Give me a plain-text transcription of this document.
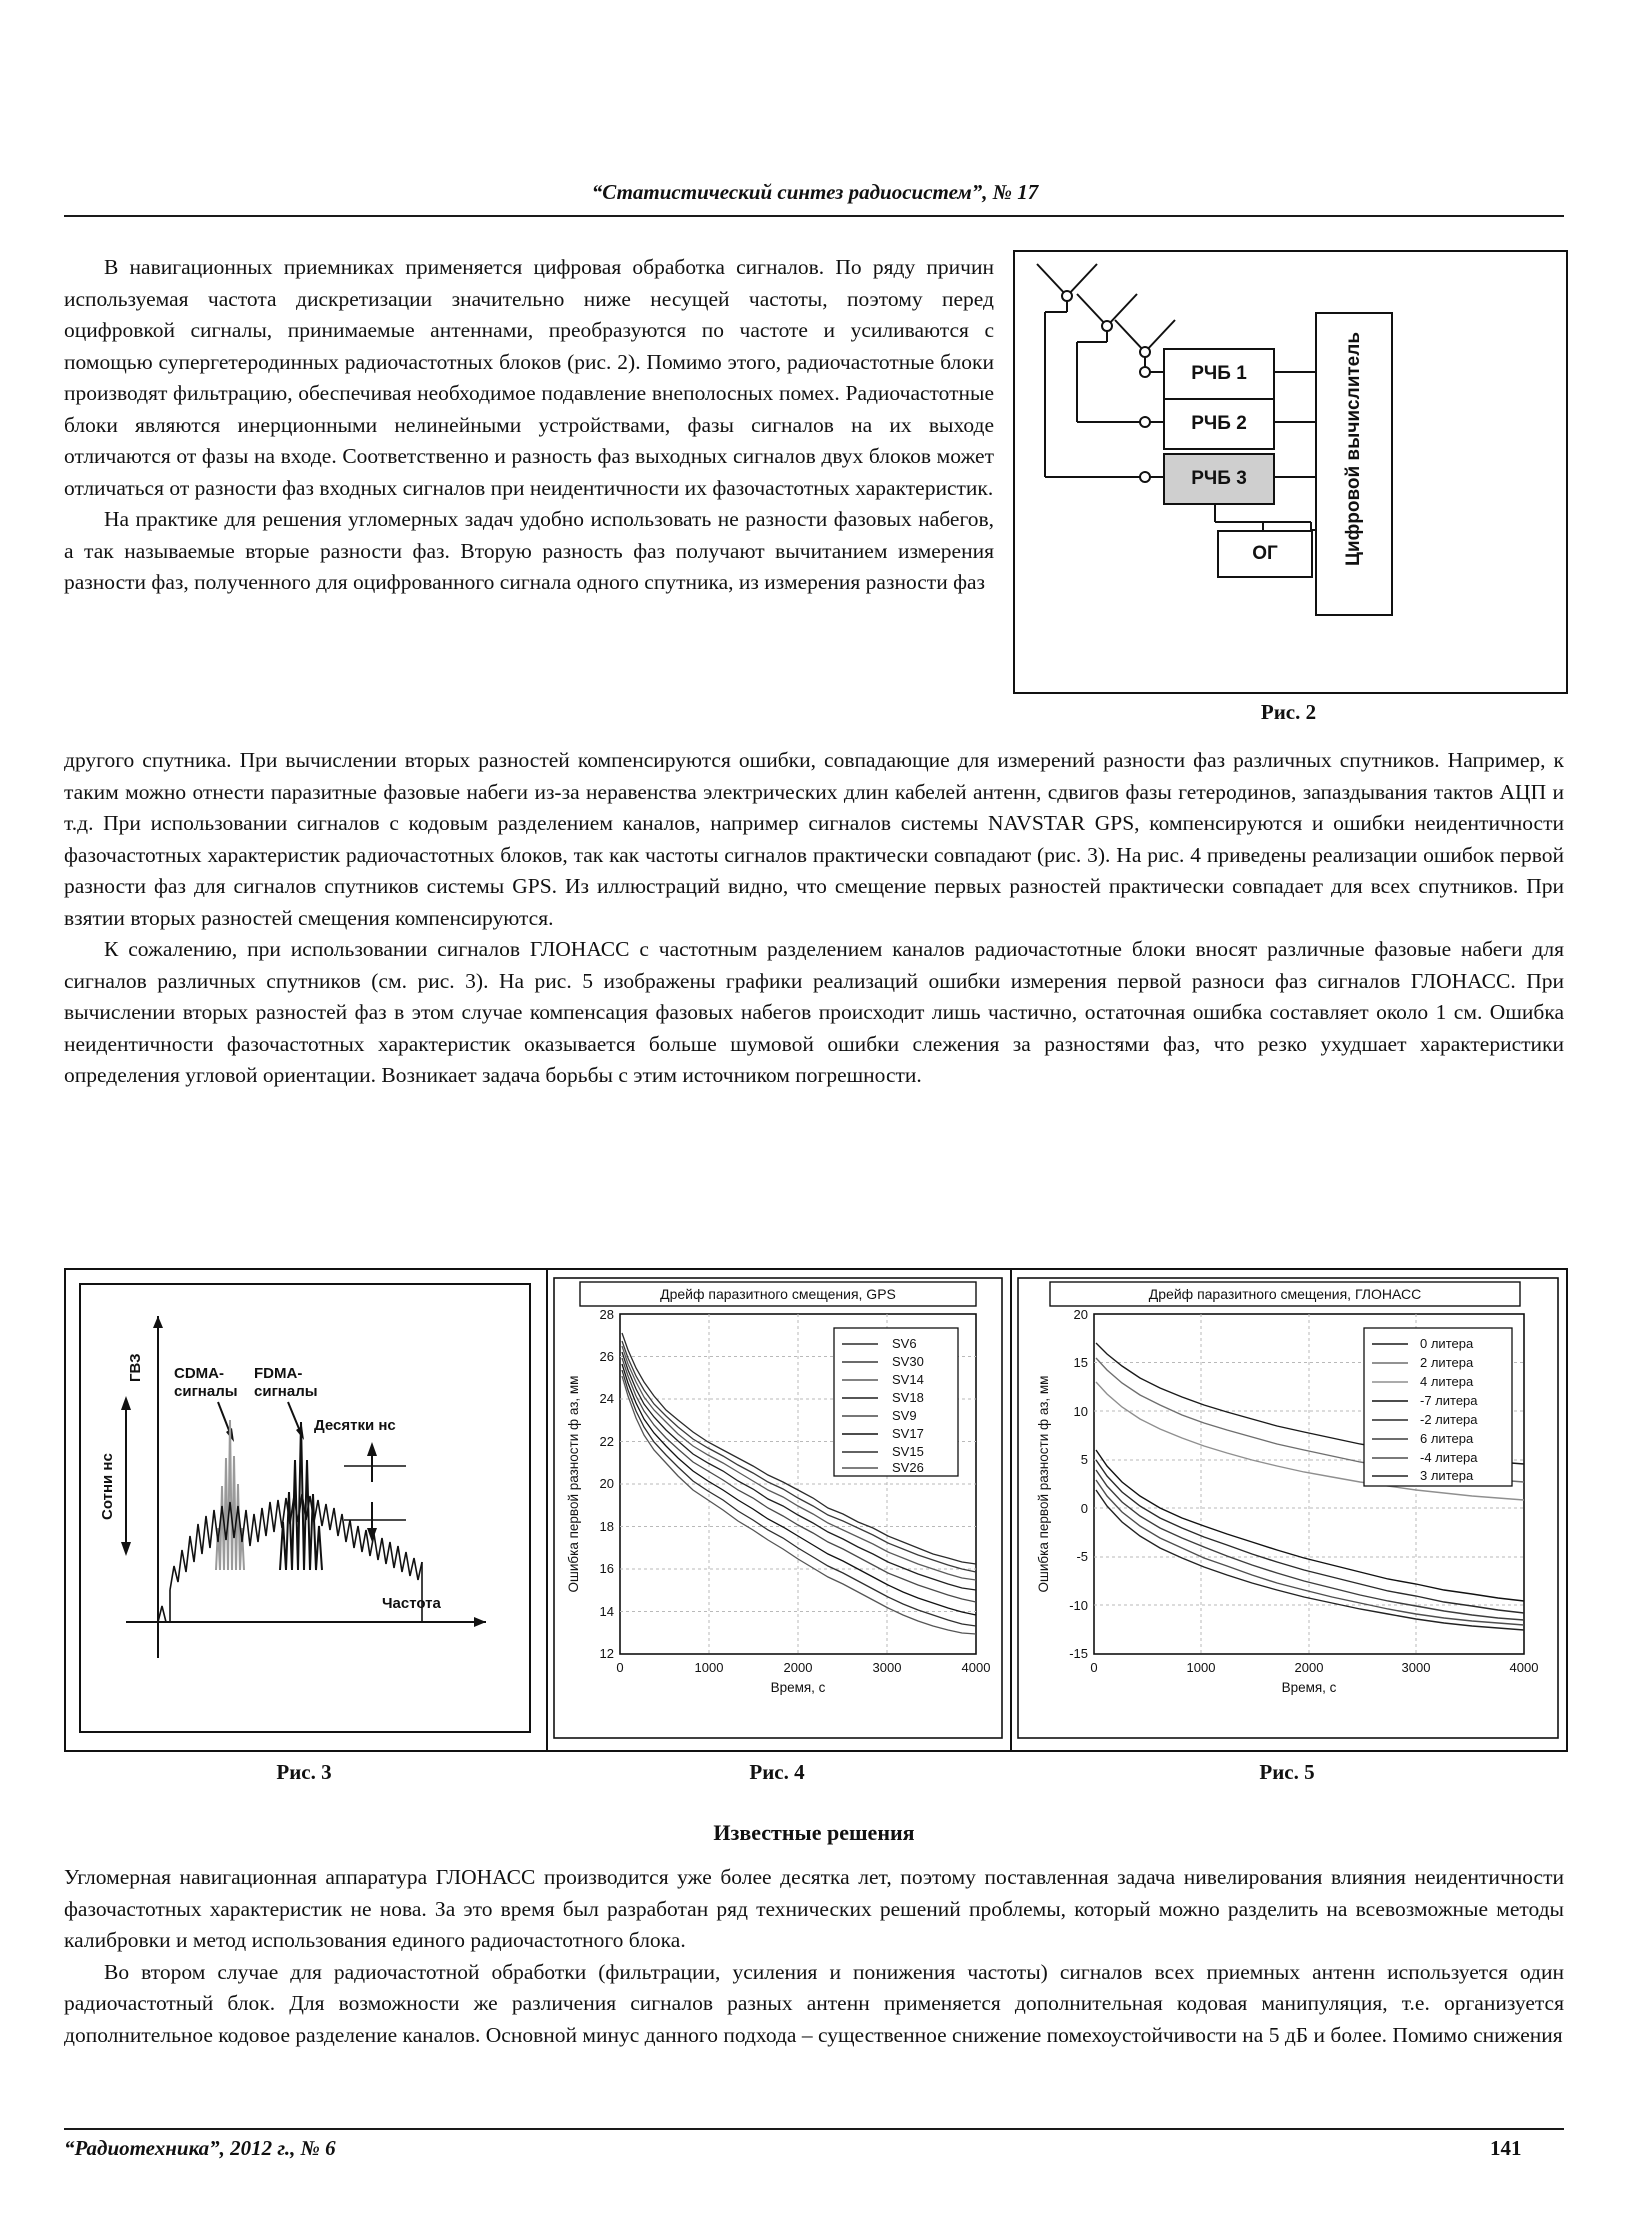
“Статистический синтез радиосистем”, № 17

В навигационных приемниках применяется цифровая обработка сигналов. По ряду причин используемая частота дискретизации значительно ниже несущей частоты, поэтому перед оцифровкой сигналы, принимаемые антеннами, преобразуются по частоте и усиливаются с помощью супергетеродинных радиочастотных блоков (рис. 2). Помимо этого, радиочастотные блоки производят фильтрацию, обеспечивая необходимое подавление внеполосных помех. Радиочастотные блоки являются инерционными нелинейными устройствами, фазы сигналов на их выходе отличаются от фазы на входе. Соответственно и разность фаз выходных сигналов двух блоков может отличаться от разности фаз входных сигналов при неидентичности их фазочастотных характеристик.

На практике для решения угломерных задач удобно использовать не разности фазовых набегов, а так называемые вторые разности фаз. Вторую разность фаз получают вычитанием измерения разности фаз, полученного для оцифрованного сигнала одного спутника, из измерения разности фаз

РЧБ 1
РЧБ 2
РЧБ 3
ОГ	Цифровой вычислитель
Рис. 2

другого спутника. При вычислении вторых разностей компенсируются ошибки, совпадающие для измерений разности фаз различных спутников. Например, к таким можно отнести паразитные фазовые набеги из-за неравенства электрических длин кабелей антенн, сдвигов фазы гетеродинов, запаздывания тактов АЦП и т.д. При использовании сигналов с кодовым разделением каналов, например сигналов системы NAVSTAR GPS, компенсируются и ошибки неидентичности фазочастотных характеристик радиочастотных блоков, так как частоты сигналов практически совпадают (рис. 3). На рис. 4 приведены реализации ошибок первой разности фаз для сигналов спутников системы GPS. Из иллюстраций видно, что смещение первых разностей практически совпадает для всех спутников. При взятии вторых разностей смещения компенсируются.

К сожалению, при использовании сигналов ГЛОНАСС с частотным разделением каналов радиочастотные блоки вносят различные фазовые набеги для сигналов различных спутников (см. рис. 3). На рис. 5 изображены графики реализаций ошибки измерения первой разноси фаз сигналов ГЛОНАСС. При вычислении вторых разностей фаз в этом случае компенсация фазовых набегов происходит лишь частично, остаточная ошибка составляет около 1 см. Ошибка неидентичности фазочастотных характеристик оказывается больше шумовой ошибки слежения за разностями фаз, что резко ухудшает характеристики определения угловой ориентации. Возникает задача борьбы с этим источником погрешности.

Сотни нс
ГВЗ CDMA-
сигналы
FDMA-
сигналы
Десятки нс
Частота
Дрейф паразитного смещения, GPS
28
26
24
22
20
18
16
14
12
0	1000	2000	3000	4000
Время, с
Ошибка первой разности ф аз, мм
SV6
SV30
SV14
SV18
SV9
SV17
SV15
SV26
Дрейф паразитного смещения, ГЛОНАСС
20
15
10
5
0
-5
-10
-15
0	1000	2000	3000	4000
Время, с
Ошибка первой разности ф аз, мм
0 литера
2 литера
4 литера
-7 литера
-2 литера
6 литера
-4 литера
3 литера
Рис. 3	Рис. 4	Рис. 5
Известные решения

Угломерная навигационная аппаратура ГЛОНАСС производится уже более десятка лет, поэтому поставленная задача нивелирования влияния неидентичности фазочастотных характеристик не нова. За это время был разработан ряд технических решений проблемы, который можно разделить на всевозможные методы калибровки и метод использования единого радиочастотного блока.

Во втором случае для радиочастотной обработки (фильтрации, усиления и понижения частоты) сигналов всех приемных антенн используется один радиочастотный блок. Для возможности же различения сигналов разных антенн применяется дополнительная кодовая манипуляция, т.е. организуется дополнительное кодовое разделение каналов. Основной минус данного подхода – существенное снижение помехоустойчивости на 5 дБ и более. Помимо снижения

“Радиотехника”, 2012 г., № 6	141
